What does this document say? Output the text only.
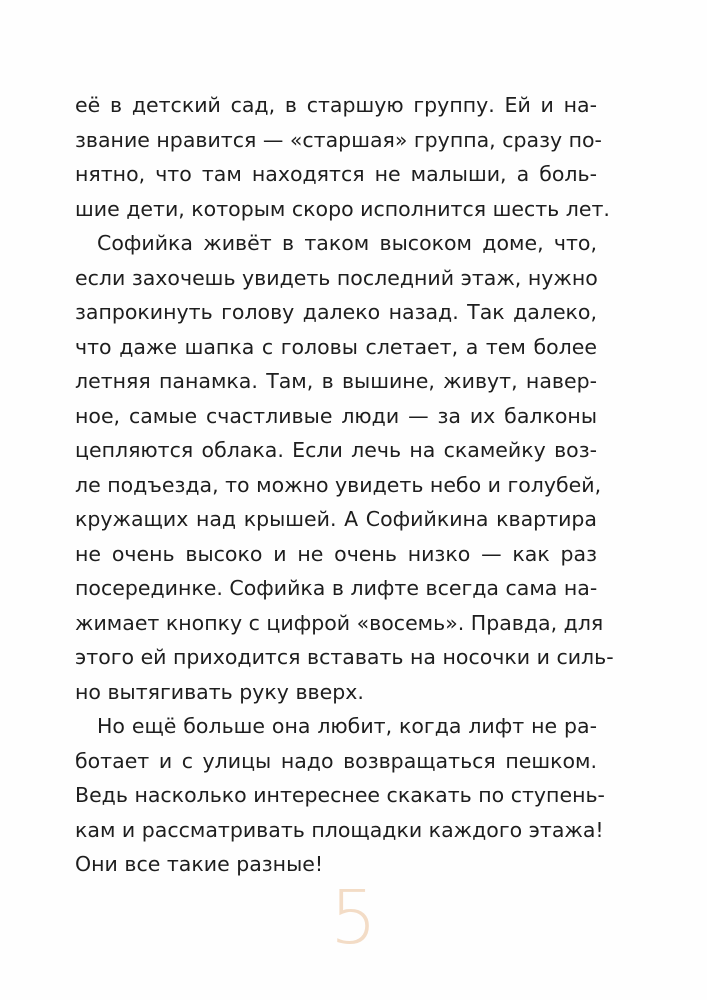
её в детский сад, в старшую группу. Ей и на-
звание нравится — «старшая» группа, сразу по-
нятно, что там находятся не малыши, а боль-
шие дети, которым скоро исполнится шесть лет.
Софийка живёт в таком высоком доме, что,
если захочешь увидеть последний этаж, нужно
запрокинуть голову далеко назад. Так далеко,
что даже шапка с головы слетает, а тем более
летняя панамка. Там, в вышине, живут, навер-
ное, самые счастливые люди — за их балконы
цепляются облака. Если лечь на скамейку воз-
ле подъезда, то можно увидеть небо и голубей,
кружащих над крышей. А Софийкина квартира
не очень высоко и не очень низко — как раз
посерединке. Софийка в лифте всегда сама на-
жимает кнопку с цифрой «восемь». Правда, для
этого ей приходится вставать на носочки и силь-
но вытягивать руку вверх.
Но ещё больше она любит, когда лифт не ра-
ботает и с улицы надо возвращаться пешком.
Ведь насколько интереснее скакать по ступень-
кам и рассматривать площадки каждого этажа!
Они все такие разные!
5
